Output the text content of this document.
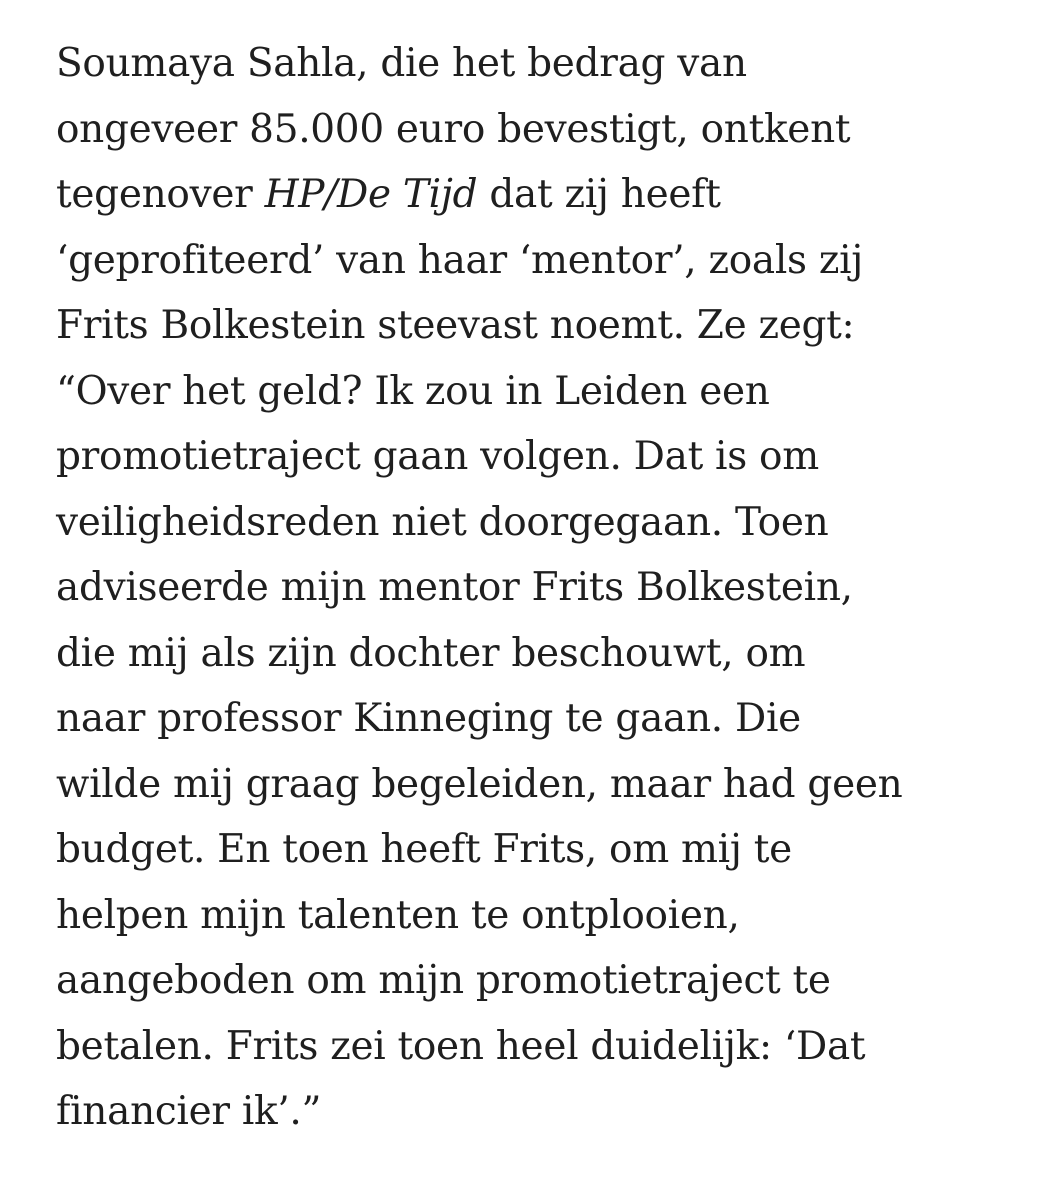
Soumaya Sahla, die het bedrag van
ongeveer 85.000 euro bevestigt, ontkent
tegenover HP/De Tijd dat zij heeft
‘geprofiteerd’ van haar ‘mentor’, zoals zij
Frits Bolkestein steevast noemt. Ze zegt:
“Over het geld? Ik zou in Leiden een
promotietraject gaan volgen. Dat is om
veiligheidsreden niet doorgegaan. Toen
adviseerde mijn mentor Frits Bolkestein,
die mij als zijn dochter beschouwt, om
naar professor Kinneging te gaan. Die
wilde mij graag begeleiden, maar had geen
budget. En toen heeft Frits, om mij te
helpen mijn talenten te ontplooien,
aangeboden om mijn promotietraject te
betalen. Frits zei toen heel duidelijk: ‘Dat
financier ik’.”
